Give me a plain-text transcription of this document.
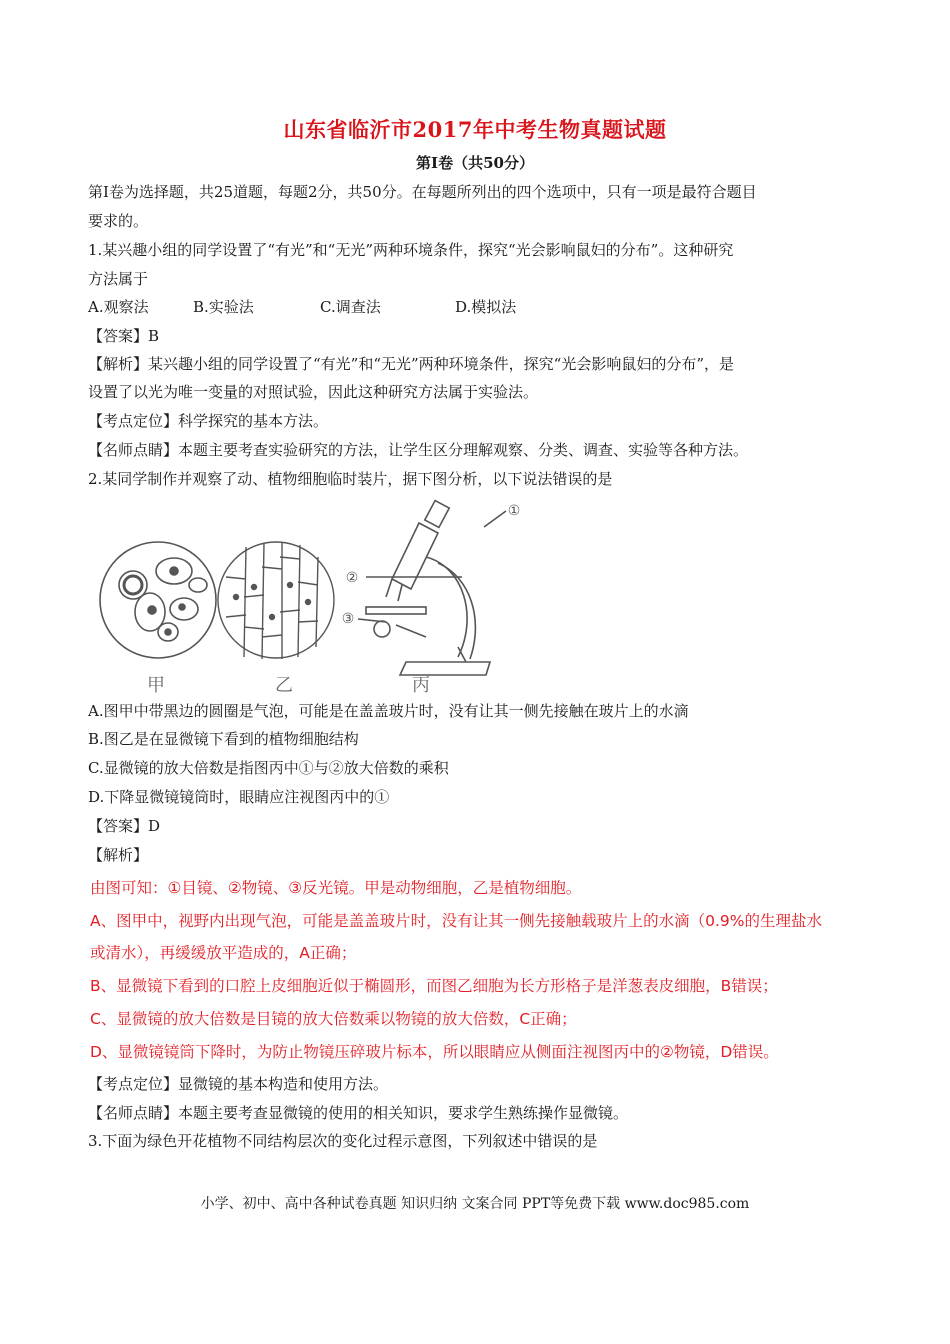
山东省临沂市2017年中考生物真题试题
第Ⅰ卷（共50分）
第Ⅰ卷为选择题，共25道题，每题2分，共50分。在每题所列出的四个选项中，只有一项是最符合题目
要求的。
1.某兴趣小组的同学设置了“有光”和“无光”两种环境条件，探究“光会影响鼠妇的分布”。这种研究
方法属于
A.观察法	B.实验法	C.调查法	D.模拟法
【答案】B
【解析】某兴趣小组的同学设置了“有光”和“无光”两种环境条件，探究“光会影响鼠妇的分布”，是
设置了以光为唯一变量的对照试验，因此这种研究方法属于实验法。
【考点定位】科学探究的基本方法。
【名师点睛】本题主要考查实验研究的方法，让学生区分理解观察、分类、调查、实验等各种方法。
2.某同学制作并观察了动、植物细胞临时装片，据下图分析，以下说法错误的是
①
②
③
甲	乙	丙
A.图甲中带黑边的圆圈是气泡，可能是在盖盖玻片时，没有让其一侧先接触在玻片上的水滴
B.图乙是在显微镜下看到的植物细胞结构
C.显微镜的放大倍数是指图丙中①与②放大倍数的乘积
D.下降显微镜镜筒时，眼睛应注视图丙中的①
【答案】D
【解析】
由图可知：①目镜、②物镜、③反光镜。甲是动物细胞，乙是植物细胞。
A、图甲中，视野内出现气泡，可能是盖盖玻片时，没有让其一侧先接触载玻片上的水滴（0.9%的生理盐水
或清水），再缓缓放平造成的，A正确；
B、显微镜下看到的口腔上皮细胞近似于椭圆形，而图乙细胞为长方形格子是洋葱表皮细胞，B错误；
C、显微镜的放大倍数是目镜的放大倍数乘以物镜的放大倍数，C正确；
D、显微镜镜筒下降时，为防止物镜压碎玻片标本，所以眼睛应从侧面注视图丙中的②物镜，D错误。
【考点定位】显微镜的基本构造和使用方法。
【名师点睛】本题主要考查显微镜的使用的相关知识，要求学生熟练操作显微镜。
3.下面为绿色开花植物不同结构层次的变化过程示意图，下列叙述中错误的是
小学、初中、高中各种试卷真题 知识归纳 文案合同 PPT等免费下载 www.doc985.com
